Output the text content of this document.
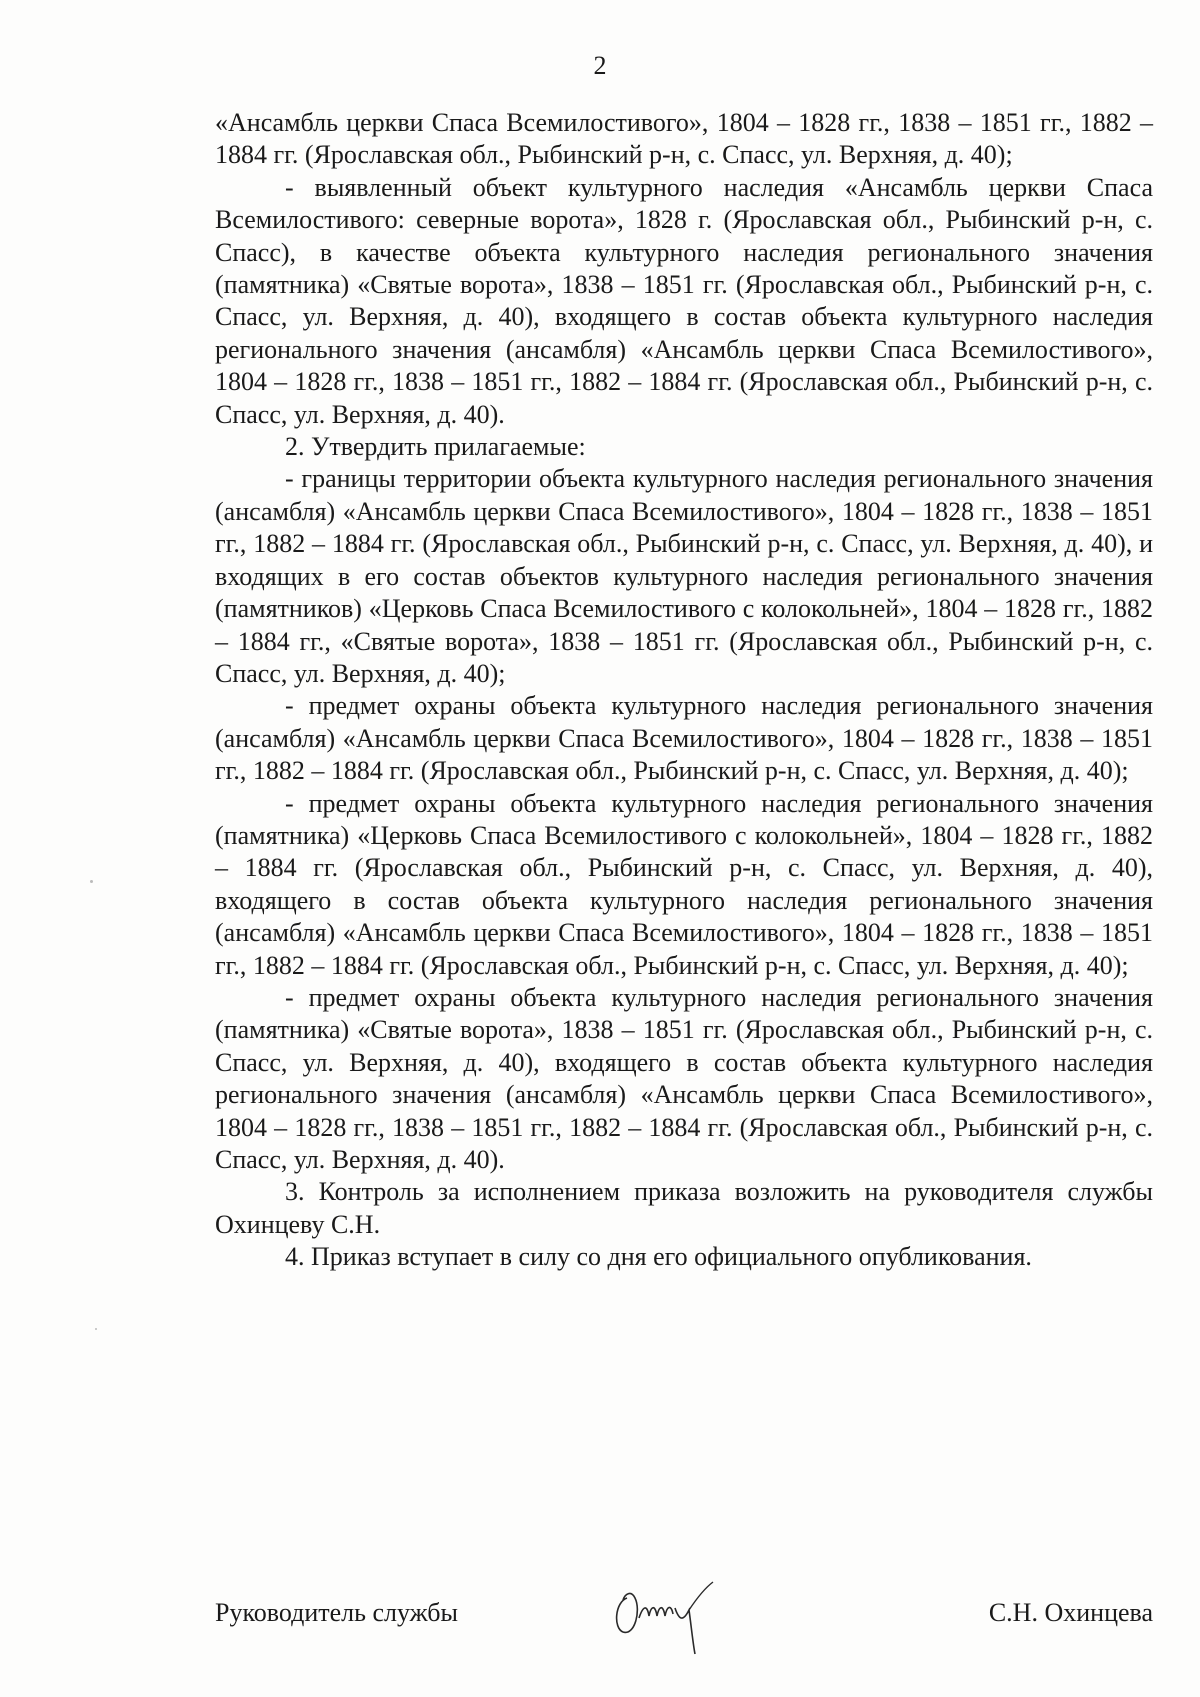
2

«Ансамбль церкви Спаса Всемилостивого», 1804 – 1828 гг., 1838 – 1851 гг., 1882 – 1884 гг. (Ярославская обл., Рыбинский р-н, с. Спасс, ул. Верхняя, д. 40);

- выявленный объект культурного наследия «Ансамбль церкви Спаса Всемилостивого: северные ворота», 1828 г. (Ярославская обл., Рыбинский р-н, с. Спасс), в качестве объекта культурного наследия регионального значения (памятника) «Святые ворота», 1838 – 1851 гг. (Ярославская обл., Рыбинский р-н, с. Спасс, ул. Верхняя, д. 40), входящего в состав объекта культурного наследия регионального значения (ансамбля) «Ансамбль церкви Спаса Всемилостивого», 1804 – 1828 гг., 1838 – 1851 гг., 1882 – 1884 гг. (Ярославская обл., Рыбинский р-н, с. Спасс, ул. Верхняя, д. 40).

2. Утвердить прилагаемые:

- границы территории объекта культурного наследия регионального значения (ансамбля) «Ансамбль церкви Спаса Всемилостивого», 1804 – 1828 гг., 1838 – 1851 гг., 1882 – 1884 гг. (Ярославская обл., Рыбинский р-н, с. Спасс, ул. Верхняя, д. 40), и входящих в его состав объектов культурного наследия регионального значения (памятников) «Церковь Спаса Всемилостивого с колокольней», 1804 – 1828 гг., 1882 – 1884 гг., «Святые ворота», 1838 – 1851 гг. (Ярославская обл., Рыбинский р-н, с. Спасс, ул. Верхняя, д. 40);

- предмет охраны объекта культурного наследия регионального значения (ансамбля) «Ансамбль церкви Спаса Всемилостивого», 1804 – 1828 гг., 1838 – 1851 гг., 1882 – 1884 гг. (Ярославская обл., Рыбинский р-н, с. Спасс, ул. Верхняя, д. 40);

- предмет охраны объекта культурного наследия регионального значения (памятника) «Церковь Спаса Всемилостивого с колокольней», 1804 – 1828 гг., 1882 – 1884 гг. (Ярославская обл., Рыбинский р-н, с. Спасс, ул. Верхняя, д. 40), входящего в состав объекта культурного наследия регионального значения (ансамбля) «Ансамбль церкви Спаса Всемилостивого», 1804 – 1828 гг., 1838 – 1851 гг., 1882 – 1884 гг. (Ярославская обл., Рыбинский р-н, с. Спасс, ул. Верхняя, д. 40);

- предмет охраны объекта культурного наследия регионального значения (памятника) «Святые ворота», 1838 – 1851 гг. (Ярославская обл., Рыбинский р-н, с. Спасс, ул. Верхняя, д. 40), входящего в состав объекта культурного наследия регионального значения (ансамбля) «Ансамбль церкви Спаса Всемилостивого», 1804 – 1828 гг., 1838 – 1851 гг., 1882 – 1884 гг. (Ярославская обл., Рыбинский р-н, с. Спасс, ул. Верхняя, д. 40).

3. Контроль за исполнением приказа возложить на руководителя службы Охинцеву С.Н.

4. Приказ вступает в силу со дня его официального опубликования.

Руководитель службы	С.Н. Охинцева
